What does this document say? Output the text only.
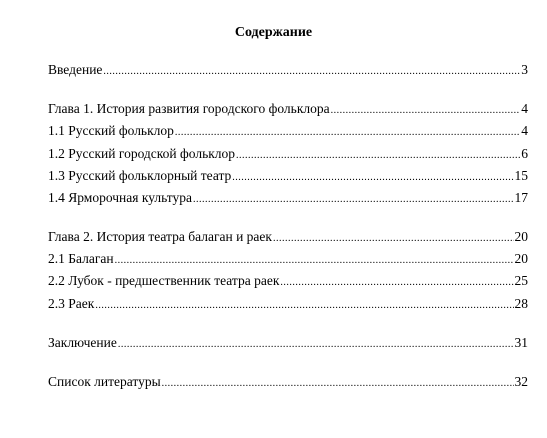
Содержание
Введение .....	3
Глава 1. История развития городского фольклора .....	4
1.1 Русский фольклор .....	4
1.2 Русский городской фольклор .....	6
1.3 Русский фольклорный театр .....	15
1.4 Ярморочная культура .....	17
Глава 2. История театра балаган и раек .....	20
2.1 Балаган .....	20
2.2 Лубок - предшественник театра раек .....	25
2.3 Раек .....	28
Заключение .....	31
Список литературы .....	32
